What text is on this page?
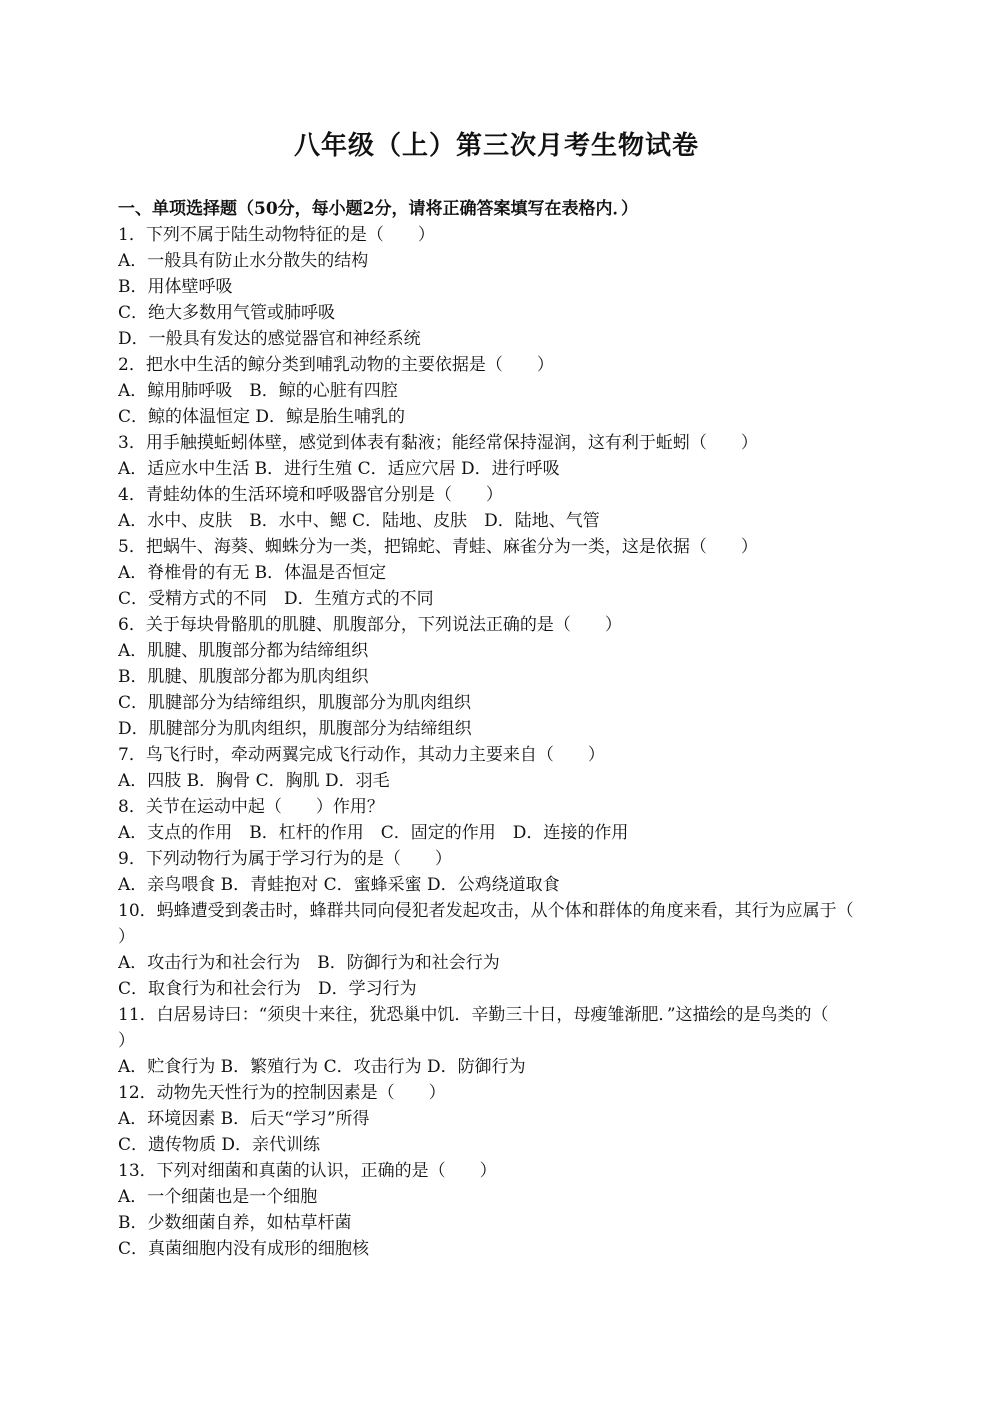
八年级（上）第三次月考生物试卷
一、单项选择题（50分，每小题2分，请将正确答案填写在表格内．）
1．下列不属于陆生动物特征的是（　　）
A．一般具有防止水分散失的结构
B．用体壁呼吸
C．绝大多数用气管或肺呼吸
D．一般具有发达的感觉器官和神经系统
2．把水中生活的鲸分类到哺乳动物的主要依据是（　　）
A．鲸用肺呼吸　B．鲸的心脏有四腔
C．鲸的体温恒定 D．鲸是胎生哺乳的
3．用手触摸蚯蚓体壁，感觉到体表有黏液；能经常保持湿润，这有利于蚯蚓（　　）
A．适应水中生活 B．进行生殖 C．适应穴居 D．进行呼吸
4．青蛙幼体的生活环境和呼吸器官分别是（　　）
A．水中、皮肤　B．水中、鳃 C．陆地、皮肤　D．陆地、气管
5．把蜗牛、海葵、蜘蛛分为一类，把锦蛇、青蛙、麻雀分为一类，这是依据（　　）
A．脊椎骨的有无 B．体温是否恒定
C．受精方式的不同　D．生殖方式的不同
6．关于每块骨骼肌的肌腱、肌腹部分，下列说法正确的是（　　）
A．肌腱、肌腹部分都为结缔组织
B．肌腱、肌腹部分都为肌肉组织
C．肌腱部分为结缔组织，肌腹部分为肌肉组织
D．肌腱部分为肌肉组织，肌腹部分为结缔组织
7．鸟飞行时，牵动两翼完成飞行动作，其动力主要来自（　　）
A．四肢 B．胸骨 C．胸肌 D．羽毛
8．关节在运动中起（　　）作用？
A．支点的作用　B．杠杆的作用　C．固定的作用　D．连接的作用
9．下列动物行为属于学习行为的是（　　）
A．亲鸟喂食 B．青蛙抱对 C．蜜蜂采蜜 D．公鸡绕道取食
10．蚂蜂遭受到袭击时，蜂群共同向侵犯者发起攻击，从个体和群体的角度来看，其行为应属于（
）
A．攻击行为和社会行为　B．防御行为和社会行为
C．取食行为和社会行为　D．学习行为
11．白居易诗曰：“须臾十来往，犹恐巢中饥．辛勤三十日，母瘦雏渐肥．”这描绘的是鸟类的（
）
A．贮食行为 B．繁殖行为 C．攻击行为 D．防御行为
12．动物先天性行为的控制因素是（　　）
A．环境因素 B．后天“学习”所得
C．遗传物质 D．亲代训练
13．下列对细菌和真菌的认识，正确的是（　　）
A．一个细菌也是一个细胞
B．少数细菌自养，如枯草杆菌
C．真菌细胞内没有成形的细胞核
